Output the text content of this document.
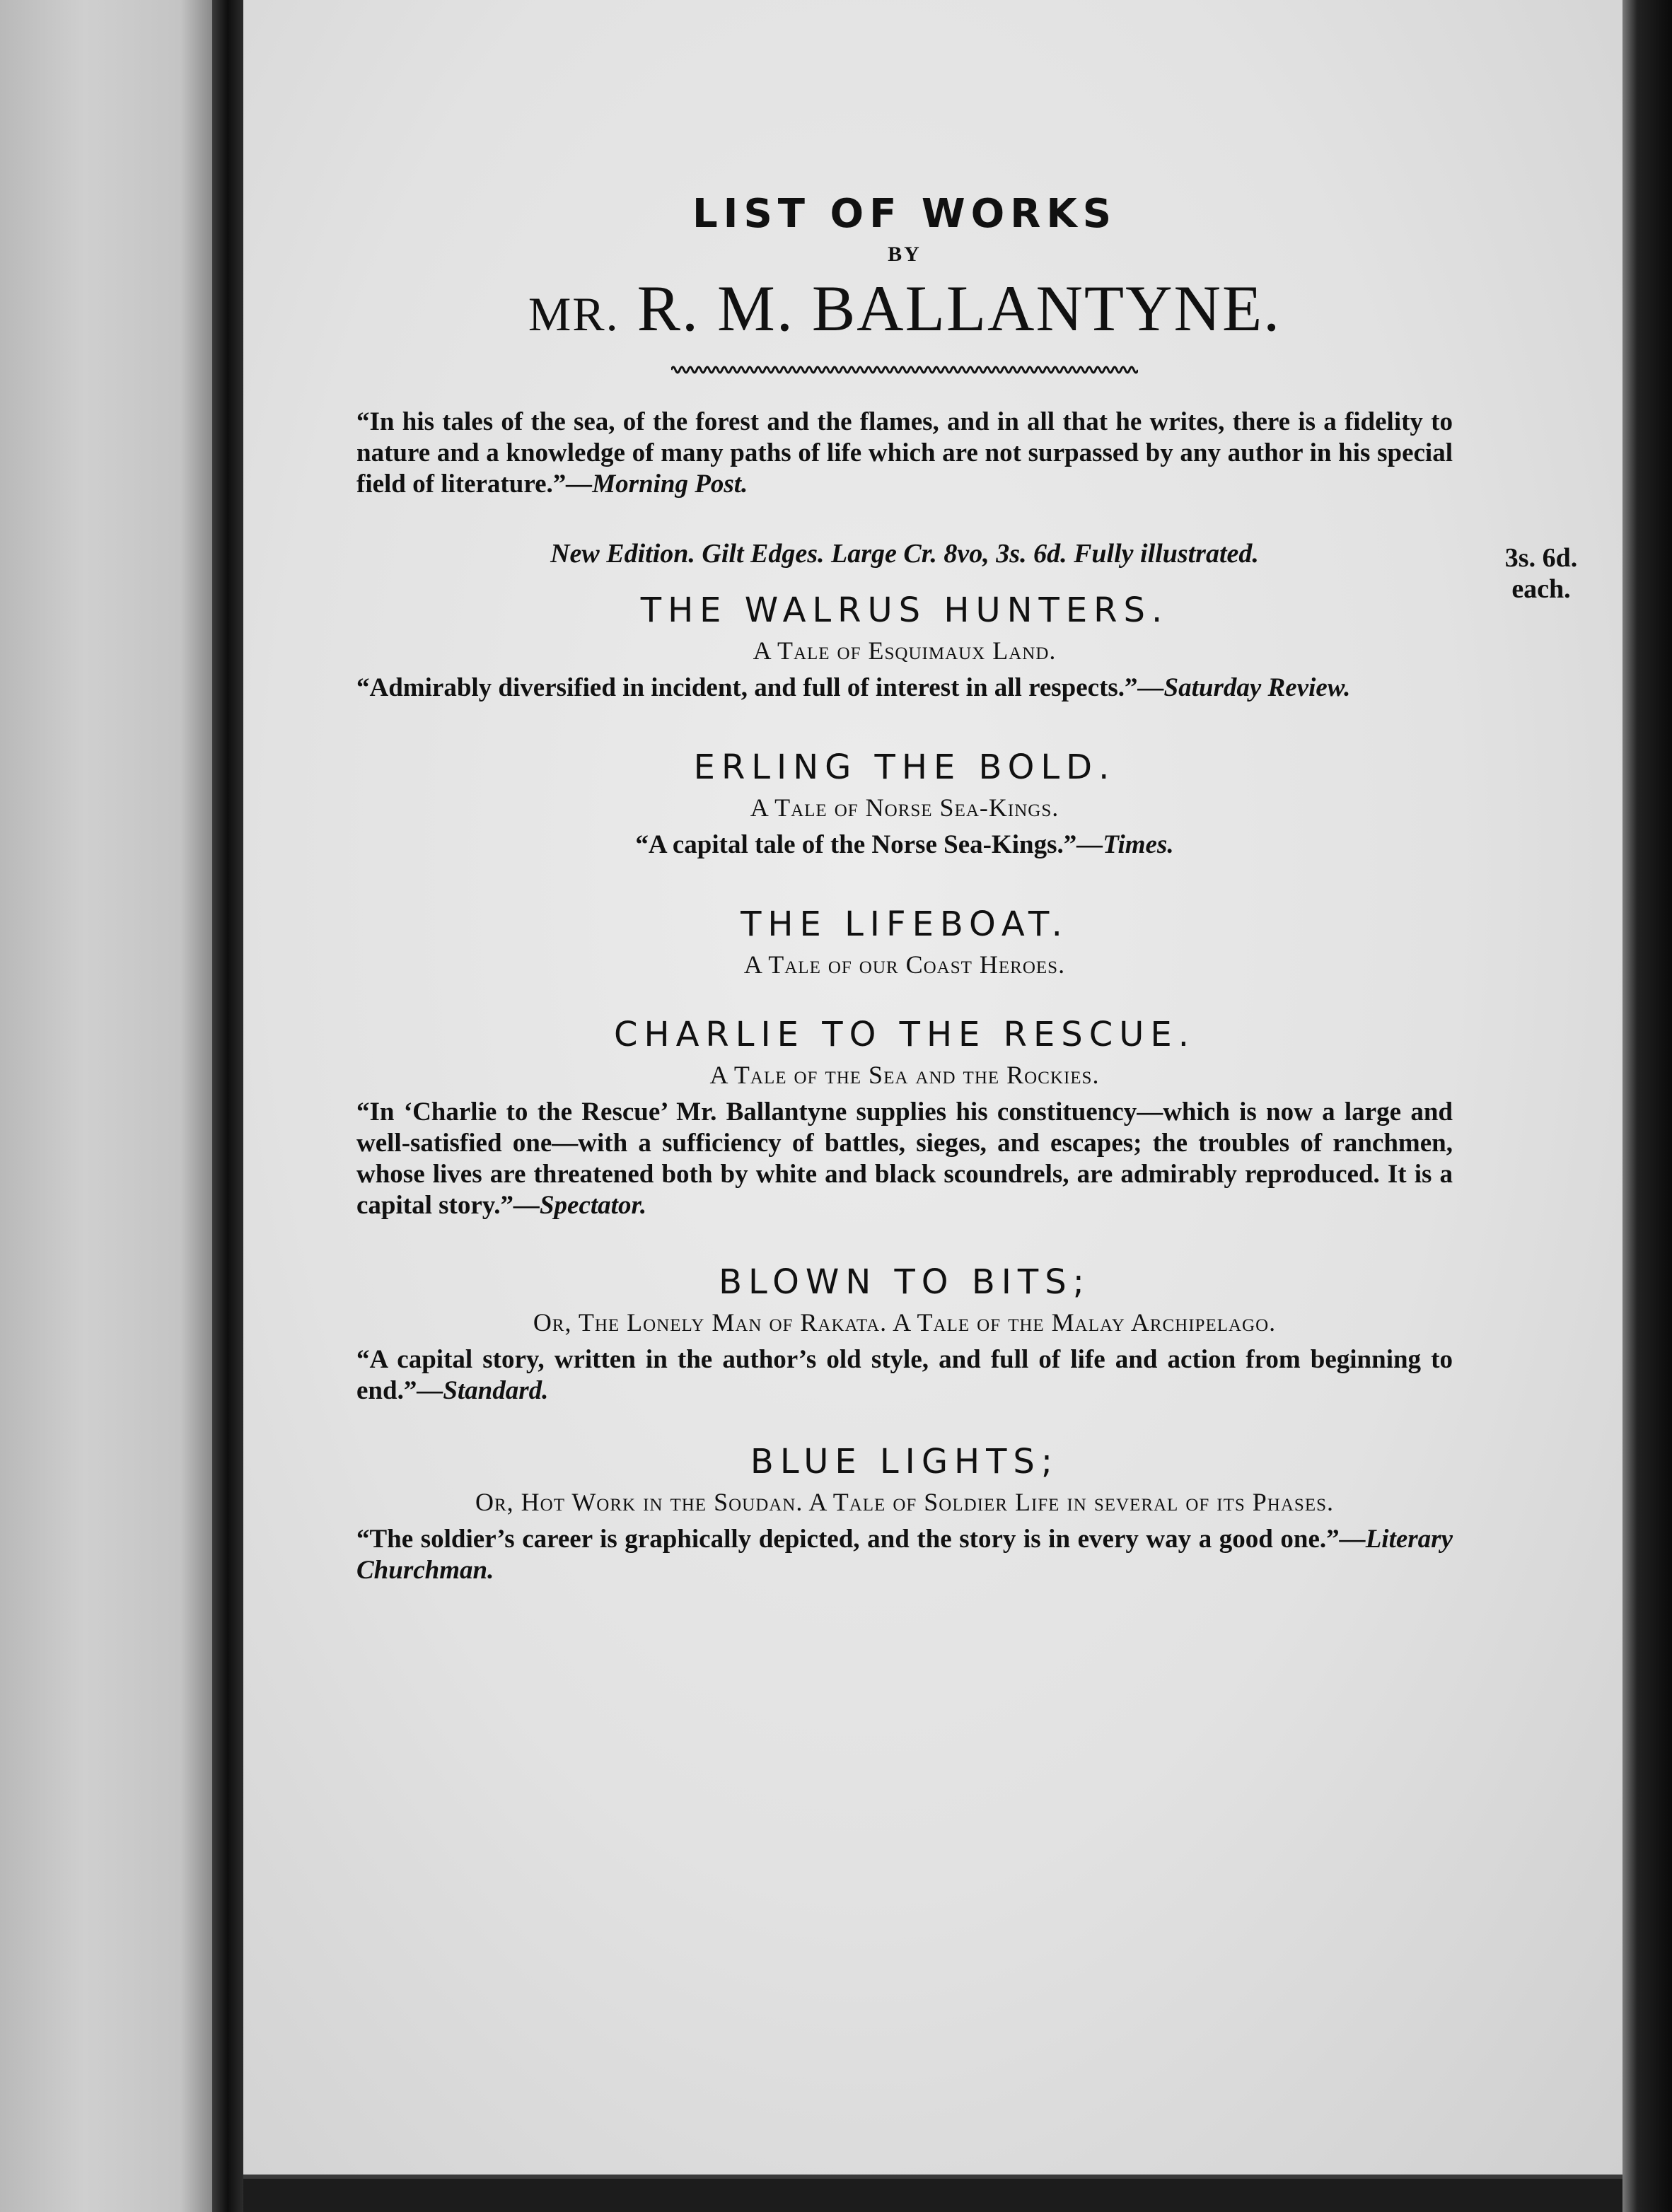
LIST OF WORKS

BY

MR. R. M. BALLANTYNE.

“In his tales of the sea, of the forest and the flames, and in all that he writes, there is a fidelity to nature and a knowledge of many paths of life which are not surpassed by any author in his special field of literature.”—Morning Post.

New Edition. Gilt Edges. Large Cr. 8vo, 3s. 6d. Fully illustrated.	3s. 6d.
each.

THE WALRUS HUNTERS.

A Tale of Esquimaux Land.

“Admirably diversified in incident, and full of interest in all respects.”—Saturday Review.

ERLING THE BOLD.

A Tale of Norse Sea-Kings.

“A capital tale of the Norse Sea-Kings.”—Times.

THE LIFEBOAT.

A Tale of our Coast Heroes.

CHARLIE TO THE RESCUE.

A Tale of the Sea and the Rockies.

“In ‘Charlie to the Rescue’ Mr. Ballantyne supplies his constituency—which is now a large and well-satisfied one—with a sufficiency of battles, sieges, and escapes; the troubles of ranchmen, whose lives are threatened both by white and black scoundrels, are admirably reproduced. It is a capital story.”—Spectator.

BLOWN TO BITS;

Or, The Lonely Man of Rakata. A Tale of the Malay Archipelago.

“A capital story, written in the author’s old style, and full of life and action from beginning to end.”—Standard.

BLUE LIGHTS;

Or, Hot Work in the Soudan. A Tale of Soldier Life in several of its Phases.

“The soldier’s career is graphically depicted, and the story is in every way a good one.”—Literary Churchman.
